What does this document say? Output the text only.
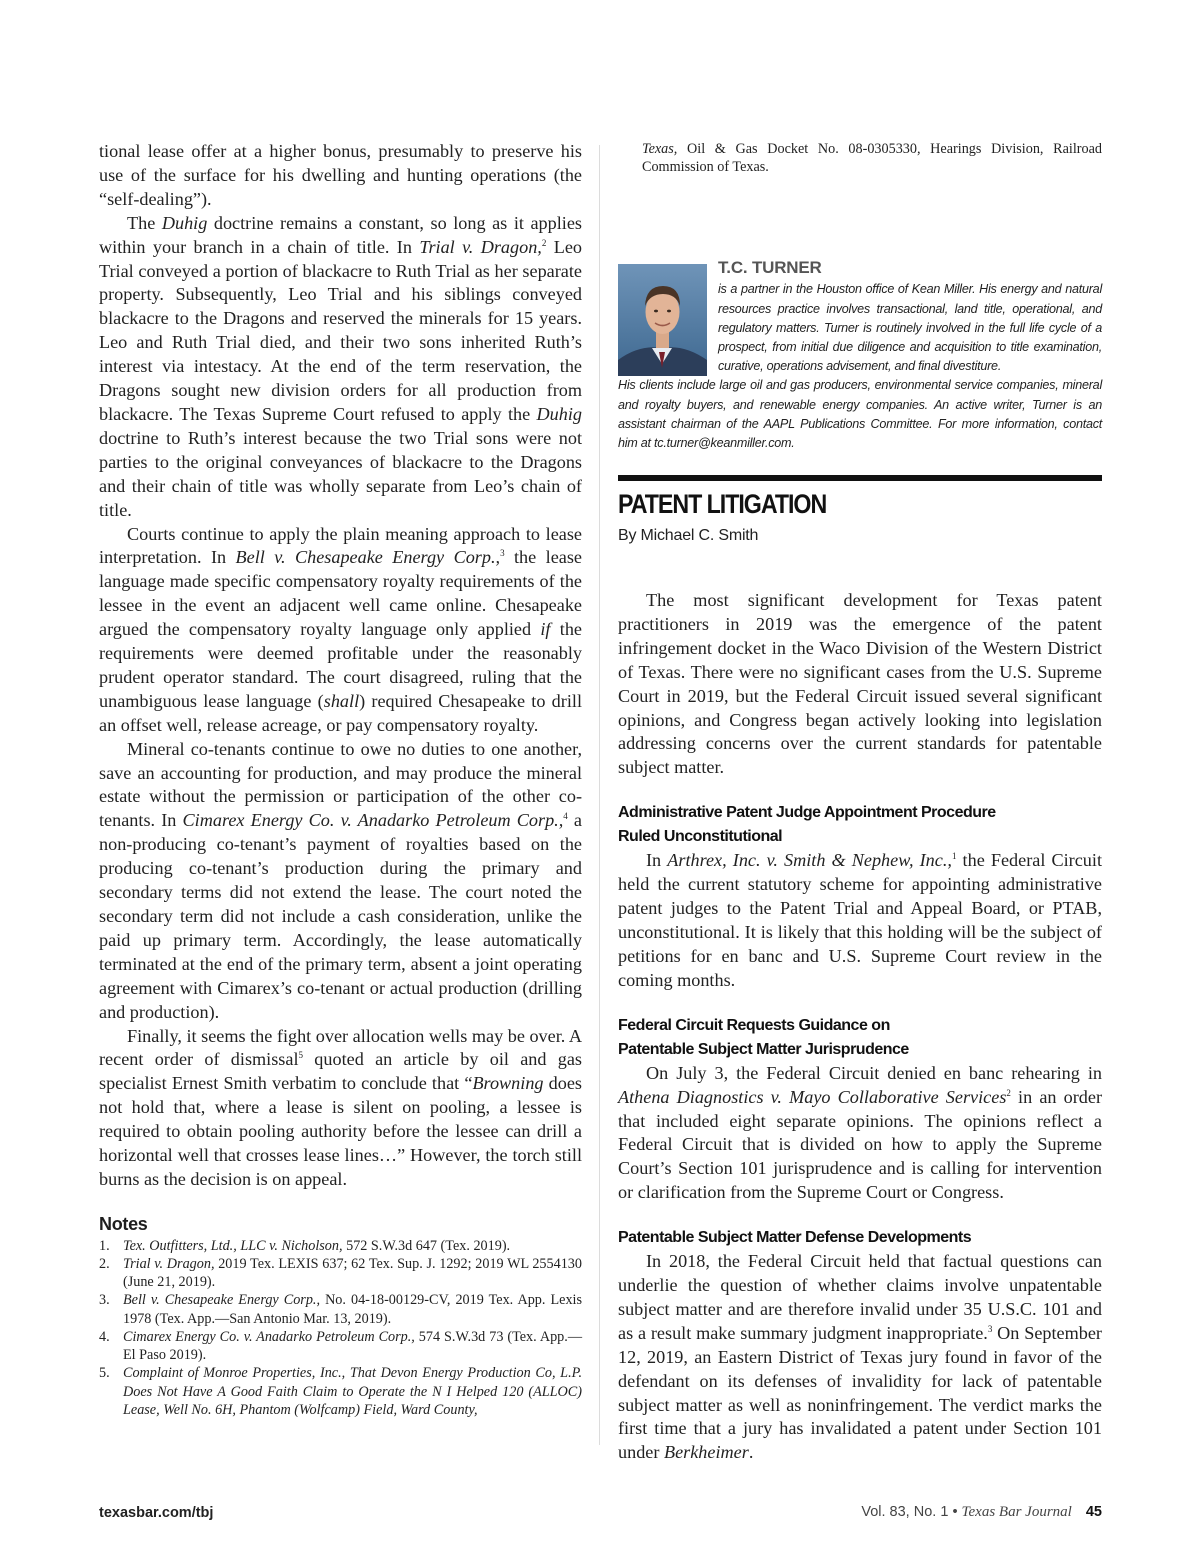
tional lease offer at a higher bonus, presumably to preserve his use of the surface for his dwelling and hunting operations (the “self-dealing”).

The Duhig doctrine remains a constant, so long as it applies within your branch in a chain of title. In Trial v. Dragon,$^2$ Leo Trial conveyed a portion of blackacre to Ruth Trial as her separate property. Subsequently, Leo Trial and his siblings conveyed blackacre to the Dragons and reserved the minerals for 15 years. Leo and Ruth Trial died, and their two sons inherited Ruth’s interest via intestacy. At the end of the term reservation, the Dragons sought new division orders for all production from blackacre. The Texas Supreme Court refused to apply the Duhig doctrine to Ruth’s interest because the two Trial sons were not parties to the original conveyances of blackacre to the Dragons and their chain of title was wholly separate from Leo’s chain of title.

Courts continue to apply the plain meaning approach to lease interpretation. In Bell v. Chesapeake Energy Corp.,$^3$ the lease language made specific compensatory royalty requirements of the lessee in the event an adjacent well came online. Chesapeake argued the compensatory royalty language only applied if the requirements were deemed profitable under the reasonably prudent operator standard. The court disagreed, ruling that the unambiguous lease language (shall) required Chesapeake to drill an offset well, release acreage, or pay compensatory royalty.

Mineral co-tenants continue to owe no duties to one another, save an accounting for production, and may produce the mineral estate without the permission or participation of the other co-tenants. In Cimarex Energy Co. v. Anadarko Petroleum Corp.,$^4$ a non-producing co-tenant’s payment of royalties based on the producing co-tenant’s production during the primary and secondary terms did not extend the lease. The court noted the secondary term did not include a cash consideration, unlike the paid up primary term. Accordingly, the lease automatically terminated at the end of the primary term, absent a joint operating agreement with Cimarex’s co-tenant or actual production (drilling and production).

Finally, it seems the fight over allocation wells may be over. A recent order of dismissal$^5$ quoted an article by oil and gas specialist Ernest Smith verbatim to conclude that “Browning does not hold that, where a lease is silent on pooling, a lessee is required to obtain pooling authority before the lessee can drill a horizontal well that crosses lease lines…” However, the torch still burns as the decision is on appeal.

Notes
1. Tex. Outfitters, Ltd., LLC v. Nicholson, 572 S.W.3d 647 (Tex. 2019).
2. Trial v. Dragon, 2019 Tex. LEXIS 637; 62 Tex. Sup. J. 1292; 2019 WL 2554130 (June 21, 2019).
3. Bell v. Chesapeake Energy Corp., No. 04-18-00129-CV, 2019 Tex. App. Lexis 1978 (Tex. App.—San Antonio Mar. 13, 2019).
4. Cimarex Energy Co. v. Anadarko Petroleum Corp., 574 S.W.3d 73 (Tex. App.—El Paso 2019).
5. Complaint of Monroe Properties, Inc., That Devon Energy Production Co, L.P. Does Not Have A Good Faith Claim to Operate the N I Helped 120 (ALLOC) Lease, Well No. 6H, Phantom (Wolfcamp) Field, Ward County,
Texas, Oil & Gas Docket No. 08-0305330, Hearings Division, Railroad Commission of Texas.
T.C. TURNER
is a partner in the Houston office of Kean Miller. His energy and natural resources practice involves transactional, land title, operational, and regulatory matters. Turner is routinely involved in the full life cycle of a prospect, from initial due diligence and acquisition to title examination, curative, operations advisement, and final divestiture.
His clients include large oil and gas producers, environmental service companies, mineral and royalty buyers, and renewable energy companies. An active writer, Turner is an assistant chairman of the AAPL Publications Committee. For more information, contact him at tc.turner@keanmiller.com.
PATENT LITIGATION
By Michael C. Smith

The most significant development for Texas patent practitioners in 2019 was the emergence of the patent infringement docket in the Waco Division of the Western District of Texas. There were no significant cases from the U.S. Supreme Court in 2019, but the Federal Circuit issued several significant opinions, and Congress began actively looking into legislation addressing concerns over the current standards for patentable subject matter.

Administrative Patent Judge Appointment Procedure
Ruled Unconstitutional

In Arthrex, Inc. v. Smith & Nephew, Inc.,$^1$ the Federal Circuit held the current statutory scheme for appointing administrative patent judges to the Patent Trial and Appeal Board, or PTAB, unconstitutional. It is likely that this holding will be the subject of petitions for en banc and U.S. Supreme Court review in the coming months.

Federal Circuit Requests Guidance on
Patentable Subject Matter Jurisprudence

On July 3, the Federal Circuit denied en banc rehearing in Athena Diagnostics v. Mayo Collaborative Services$^2$ in an order that included eight separate opinions. The opinions reflect a Federal Circuit that is divided on how to apply the Supreme Court’s Section 101 jurisprudence and is calling for intervention or clarification from the Supreme Court or Congress.

Patentable Subject Matter Defense Developments

In 2018, the Federal Circuit held that factual questions can underlie the question of whether claims involve unpatentable subject matter and are therefore invalid under 35 U.S.C. 101 and as a result make summary judgment inappropriate.$^3$ On September 12, 2019, an Eastern District of Texas jury found in favor of the defendant on its defenses of invalidity for lack of patentable subject matter as well as noninfringement. The verdict marks the first time that a jury has invalidated a patent under Section 101 under Berkheimer.

texasbar.com/tbj	Vol. 83, No. 1 • Texas Bar Journal 45
